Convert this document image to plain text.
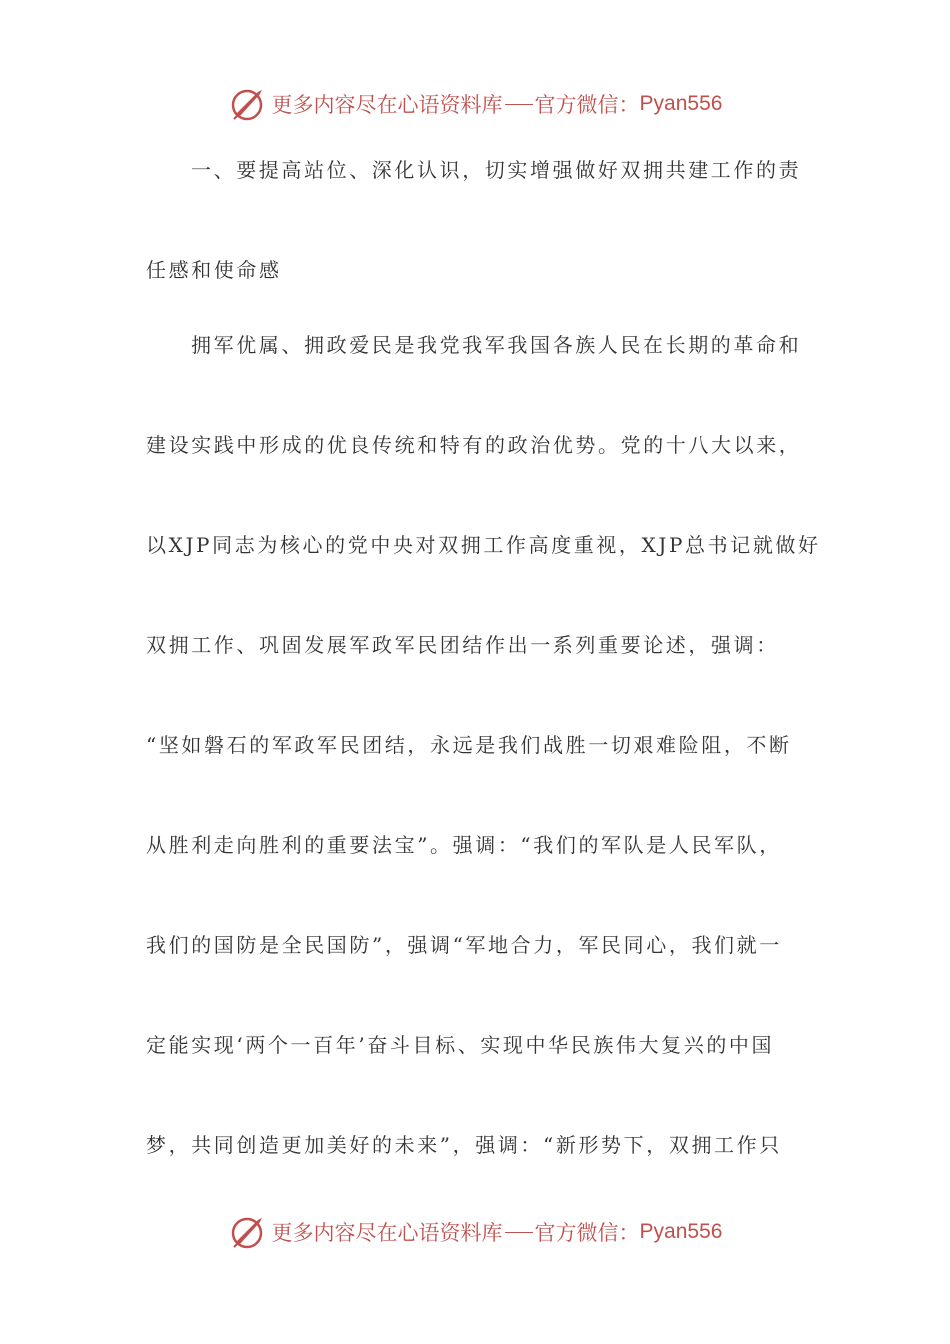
更多内容尽在心语资料库 官方微信： Pyan556
一、要提高站位、深化认识，切实增强做好双拥共建工作的责
任感和使命感
拥军优属、拥政爱民是我党我军我国各族人民在长期的革命和
建设实践中形成的优良传统和特有的政治优势。党的十八大以来，
以XJP同志为核心的党中央对双拥工作高度重视，XJP总书记就做好
双拥工作、巩固发展军政军民团结作出一系列重要论述，强调：
“坚如磐石的军政军民团结，永远是我们战胜一切艰难险阻，不断
从胜利走向胜利的重要法宝”。强调：“我们的军队是人民军队，
我们的国防是全民国防”，强调“军地合力，军民同心，我们就一
定能实现‘两个一百年’奋斗目标、实现中华民族伟大复兴的中国
梦，共同创造更加美好的未来”，强调：“新形势下，双拥工作只
更多内容尽在心语资料库 官方微信： Pyan556
